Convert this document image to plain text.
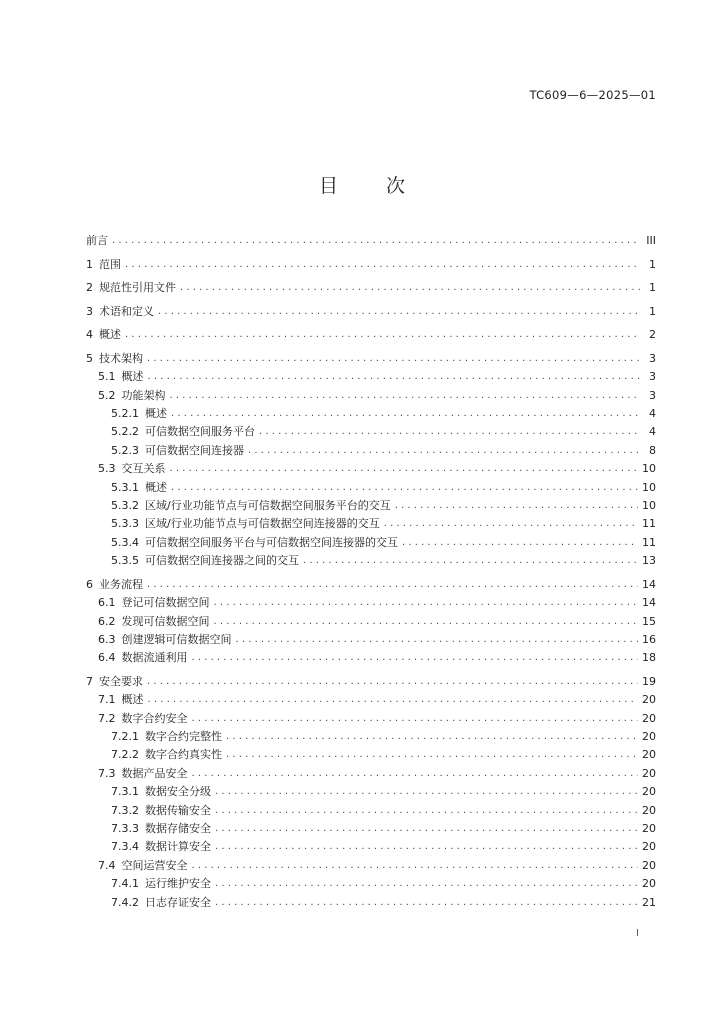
TC609—6—2025—01
目	次
前言 . . .	III
1 范围 . . .	1
2 规范性引用文件 . . .	1
3 术语和定义 . . .	1
4 概述 . . .	2
5 技术架构 . . .	3
5.1 概述 . . .	3
5.2 功能架构 . . .	3
5.2.1 概述 . . .	4
5.2.2 可信数据空间服务平台 . . .	4
5.2.3 可信数据空间连接器 . . .	8
5.3 交互关系 . . .	10
5.3.1 概述 . . .	10
5.3.2 区域/行业功能节点与可信数据空间服务平台的交互 . . .	10
5.3.3 区域/行业功能节点与可信数据空间连接器的交互 . . .	11
5.3.4 可信数据空间服务平台与可信数据空间连接器的交互 . . .	11
5.3.5 可信数据空间连接器之间的交互 . . .	13
6 业务流程 . . .	14
6.1 登记可信数据空间 . . .	14
6.2 发现可信数据空间 . . .	15
6.3 创建逻辑可信数据空间 . . .	16
6.4 数据流通利用 . . .	18
7 安全要求 . . .	19
7.1 概述 . . .	20
7.2 数字合约安全 . . .	20
7.2.1 数字合约完整性 . . .	20
7.2.2 数字合约真实性 . . .	20
7.3 数据产品安全 . . .	20
7.3.1 数据安全分级 . . .	20
7.3.2 数据传输安全 . . .	20
7.3.3 数据存储安全 . . .	20
7.3.4 数据计算安全 . . .	20
7.4 空间运营安全 . . .	20
7.4.1 运行维护安全 . . .	20
7.4.2 日志存证安全 . . .	21
I
